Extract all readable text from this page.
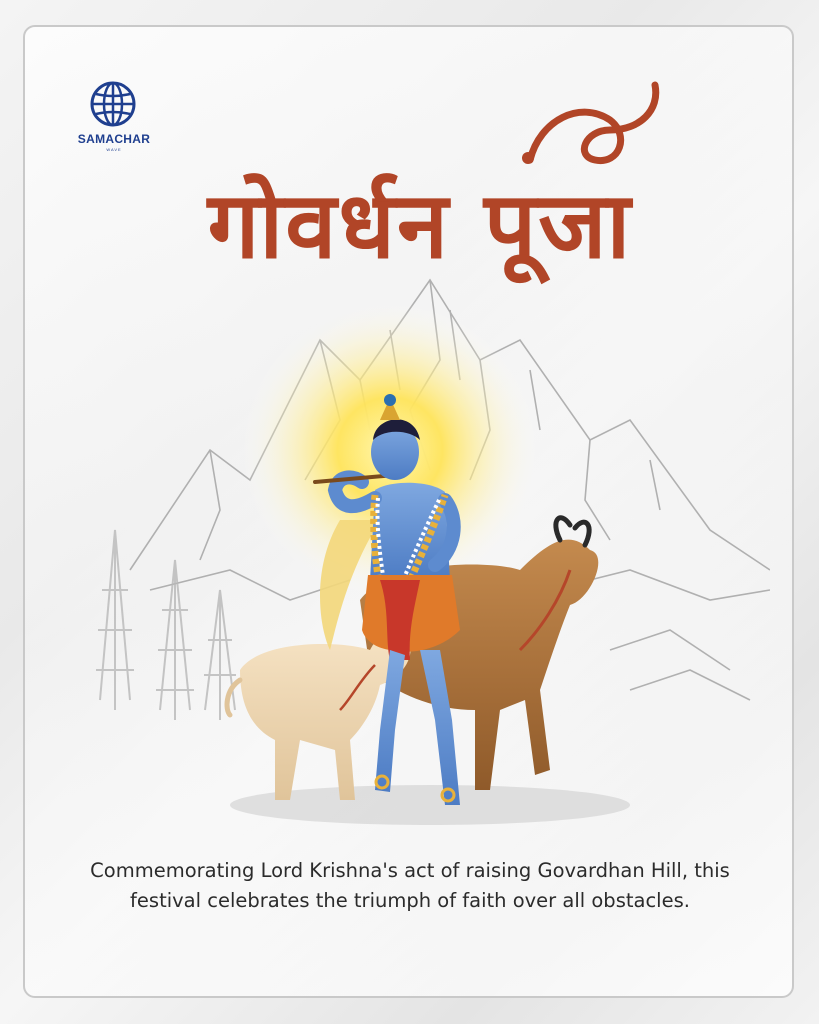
SAMACHAR
WAVE
गोवर्धन पूजा
Commemorating Lord Krishna's act of raising Govardhan Hill, this festival celebrates the triumph of faith over all obstacles.
